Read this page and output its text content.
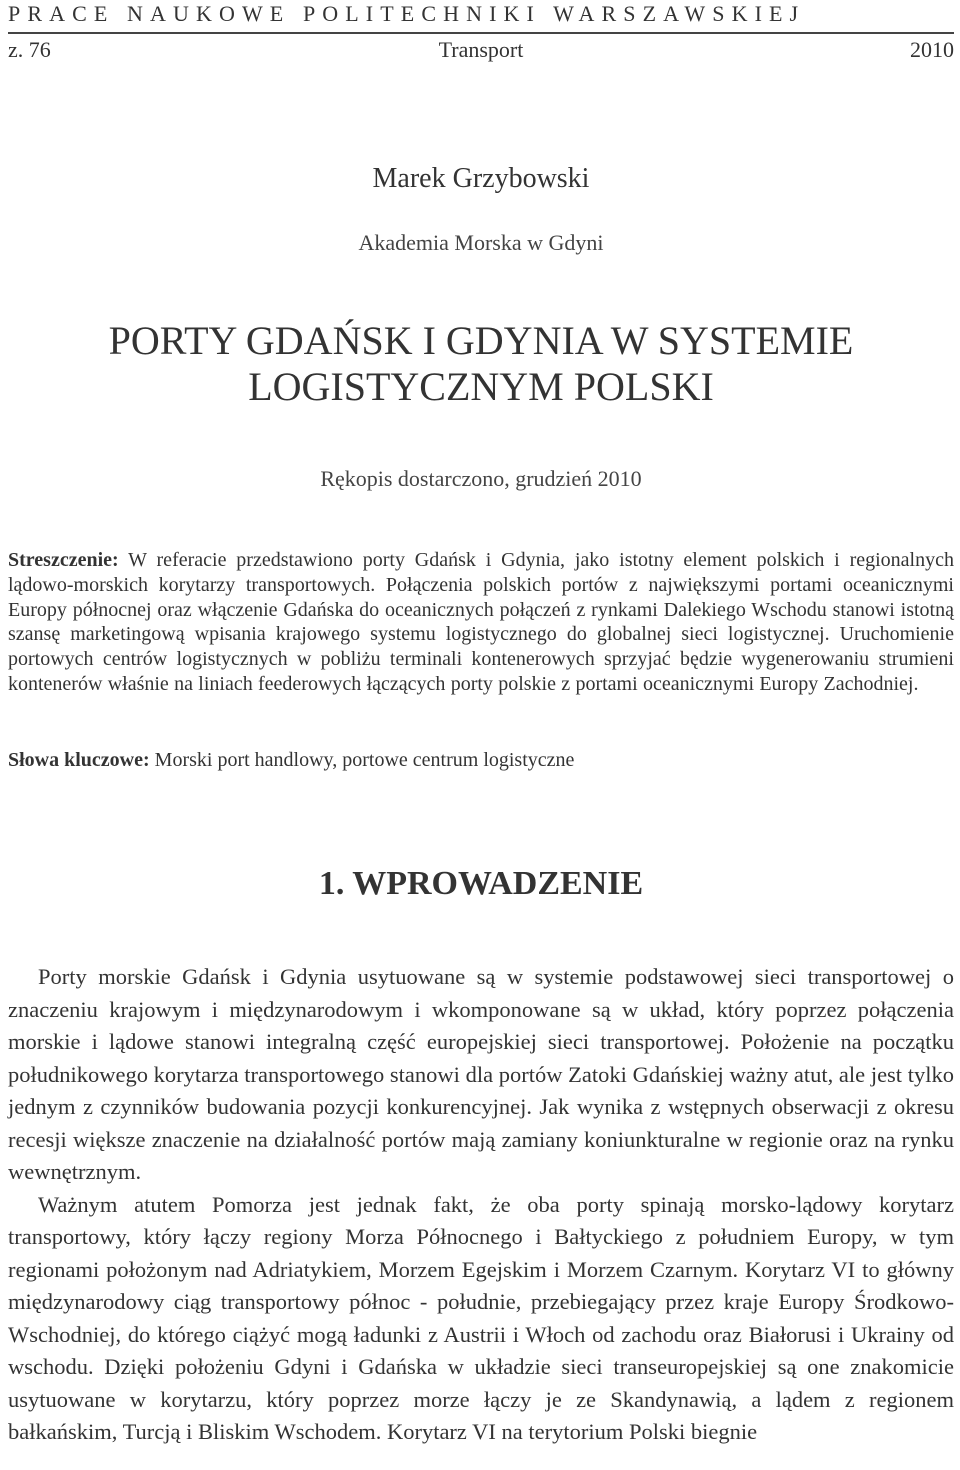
PRACE NAUKOWE POLITECHNIKI WARSZAWSKIEJ
z. 76	Transport	2010
Marek Grzybowski
Akademia Morska w Gdyni
PORTY GDAŃSK I GDYNIA W SYSTEMIE
LOGISTYCZNYM POLSKI
Rękopis dostarczono, grudzień 2010
Streszczenie: W referacie przedstawiono porty Gdańsk i Gdynia, jako istotny element polskich i regionalnych lądowo-morskich korytarzy transportowych. Połączenia polskich portów z największymi portami oceanicznymi Europy północnej oraz włączenie Gdańska do oceanicznych połączeń z rynkami Dalekiego Wschodu stanowi istotną szansę marketingową wpisania krajowego systemu logistycznego do globalnej sieci logistycznej. Uruchomienie portowych centrów logistycznych w pobliżu terminali kontenerowych sprzyjać będzie wygenerowaniu strumieni kontenerów właśnie na liniach feederowych łączących porty polskie z portami oceanicznymi Europy Zachodniej.
Słowa kluczowe: Morski port handlowy, portowe centrum logistyczne
1. WPROWADZENIE

Porty morskie Gdańsk i Gdynia usytuowane są w systemie podstawowej sieci transportowej o znaczeniu krajowym i międzynarodowym i wkomponowane są w układ, który poprzez połączenia morskie i lądowe stanowi integralną część europejskiej sieci transportowej. Położenie na początku południkowego korytarza transportowego stanowi dla portów Zatoki Gdańskiej ważny atut, ale jest tylko jednym z czynników budowania pozycji konkurencyjnej. Jak wynika z wstępnych obserwacji z okresu recesji większe znaczenie na działalność portów mają zamiany koniunkturalne w regionie oraz na rynku wewnętrznym.

Ważnym atutem Pomorza jest jednak fakt, że oba porty spinają morsko-lądowy korytarz transportowy, który łączy regiony Morza Północnego i Bałtyckiego z południem Europy, w tym regionami położonym nad Adriatykiem, Morzem Egejskim i Morzem Czarnym. Korytarz VI to główny międzynarodowy ciąg transportowy północ - południe, przebiegający przez kraje Europy Środkowo-Wschodniej, do którego ciążyć mogą ładunki z Austrii i Włoch od zachodu oraz Białorusi i Ukrainy od wschodu. Dzięki położeniu Gdyni i Gdańska w układzie sieci transeuropejskiej są one znakomicie usytuowane w korytarzu, który poprzez morze łączy je ze Skandynawią, a lądem z regionem bałkańskim, Turcją i Bliskim Wschodem. Korytarz VI na terytorium Polski biegnie
